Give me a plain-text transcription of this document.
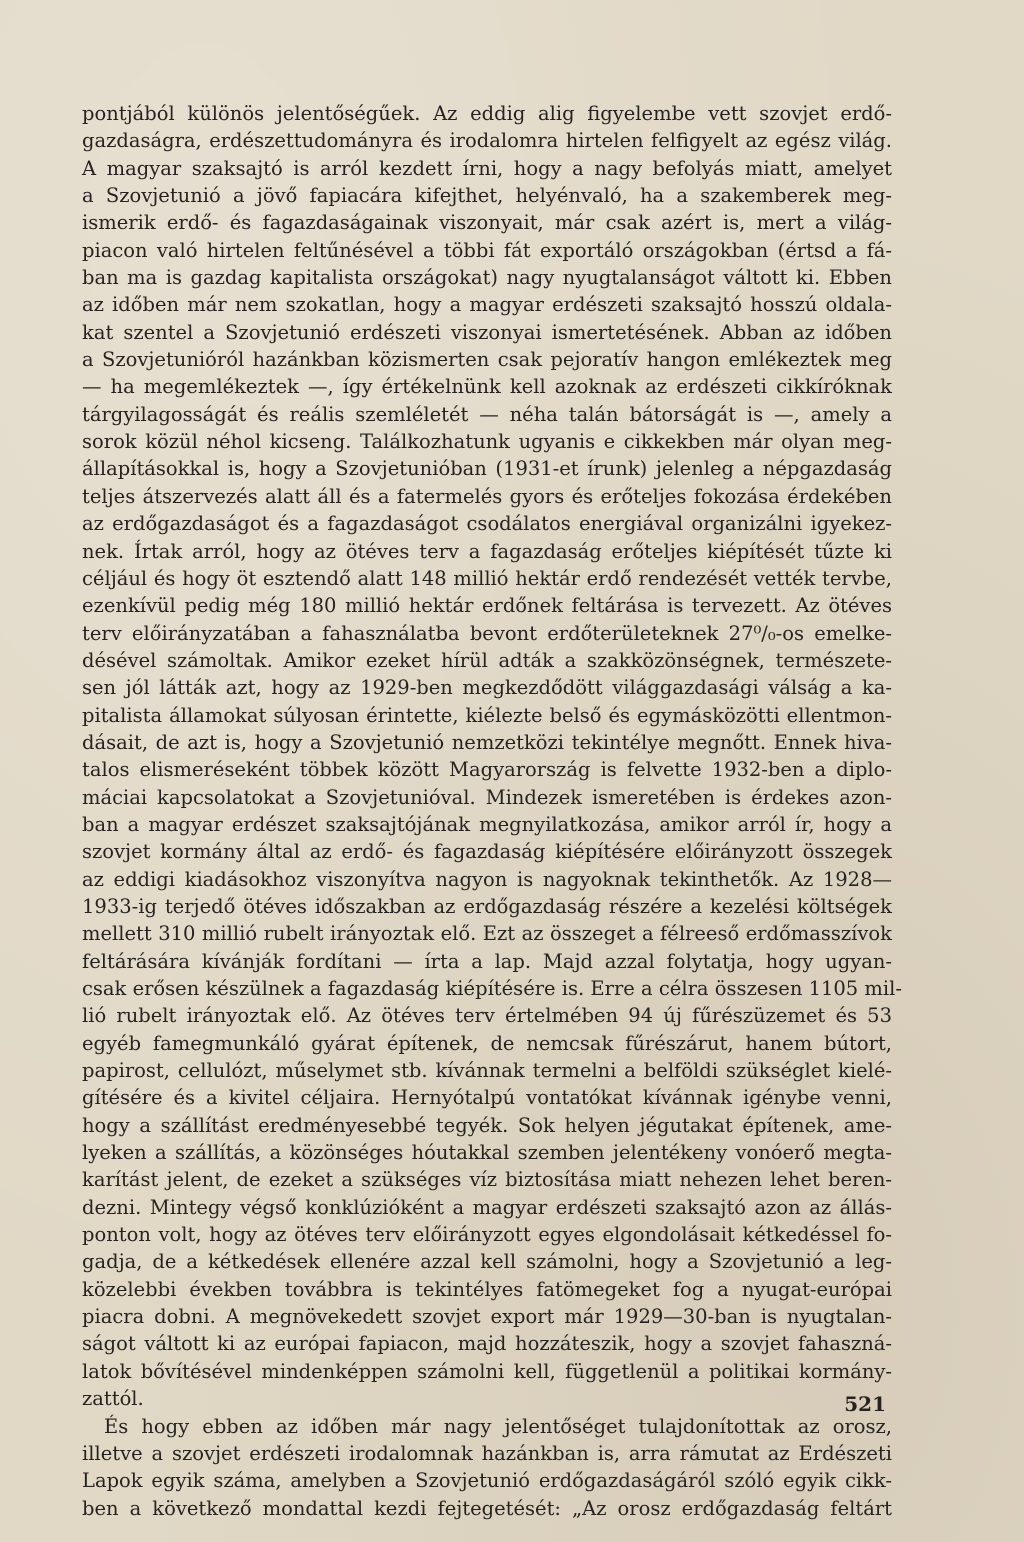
pontjából különös jelentőségűek. Az eddig alig figyelembe vett szovjet erdő-
gazdaságra, erdészettudományra és irodalomra hirtelen felfigyelt az egész világ.
A magyar szaksajtó is arról kezdett írni, hogy a nagy befolyás miatt, amelyet
a Szovjetunió a jövő fapiacára kifejthet, helyénvaló, ha a szakemberek meg-
ismerik erdő- és fagazdaságainak viszonyait, már csak azért is, mert a világ-
piacon való hirtelen feltűnésével a többi fát exportáló országokban (értsd a fá-
ban ma is gazdag kapitalista országokat) nagy nyugtalanságot váltott ki. Ebben
az időben már nem szokatlan, hogy a magyar erdészeti szaksajtó hosszú oldala-
kat szentel a Szovjetunió erdészeti viszonyai ismertetésének. Abban az időben
a Szovjetunióról hazánkban közismerten csak pejoratív hangon emlékeztek meg
— ha megemlékeztek —, így értékelnünk kell azoknak az erdészeti cikkíróknak
tárgyilagosságát és reális szemléletét — néha talán bátorságát is —, amely a
sorok közül néhol kicseng. Találkozhatunk ugyanis e cikkekben már olyan meg-
állapításokkal is, hogy a Szovjetunióban (1931-et írunk) jelenleg a népgazdaság
teljes átszervezés alatt áll és a fatermelés gyors és erőteljes fokozása érdekében
az erdőgazdaságot és a fagazdaságot csodálatos energiával organizálni igyekez-
nek. Írtak arról, hogy az ötéves terv a fagazdaság erőteljes kiépítését tűzte ki
céljául és hogy öt esztendő alatt 148 millió hektár erdő rendezését vették tervbe,
ezenkívül pedig még 180 millió hektár erdőnek feltárása is tervezett. Az ötéves
terv előirányzatában a fahasználatba bevont erdőterületeknek 27⁰/₀-os emelke-
désével számoltak. Amikor ezeket hírül adták a szakközönségnek, természete-
sen jól látták azt, hogy az 1929-ben megkezdődött világgazdasági válság a ka-
pitalista államokat súlyosan érintette, kiélezte belső és egymásközötti ellentmon-
dásait, de azt is, hogy a Szovjetunió nemzetközi tekintélye megnőtt. Ennek hiva-
talos elismeréseként többek között Magyarország is felvette 1932-ben a diplo-
máciai kapcsolatokat a Szovjetunióval. Mindezek ismeretében is érdekes azon-
ban a magyar erdészet szaksajtójának megnyilatkozása, amikor arról ír, hogy a
szovjet kormány által az erdő- és fagazdaság kiépítésére előirányzott összegek
az eddigi kiadásokhoz viszonyítva nagyon is nagyoknak tekinthetők. Az 1928—
1933-ig terjedő ötéves időszakban az erdőgazdaság részére a kezelési költségek
mellett 310 millió rubelt irányoztak elő. Ezt az összeget a félreeső erdőmasszívok
feltárására kívánják fordítani — írta a lap. Majd azzal folytatja, hogy ugyan-
csak erősen készülnek a fagazdaság kiépítésére is. Erre a célra összesen 1105 mil-
lió rubelt irányoztak elő. Az ötéves terv értelmében 94 új fűrészüzemet és 53
egyéb famegmunkáló gyárat építenek, de nemcsak fűrészárut, hanem bútort,
papirost, cellulózt, műselymet stb. kívánnak termelni a belföldi szükséglet kielé-
gítésére és a kivitel céljaira. Hernyótalpú vontatókat kívánnak igénybe venni,
hogy a szállítást eredményesebbé tegyék. Sok helyen jégutakat építenek, ame-
lyeken a szállítás, a közönséges hóutakkal szemben jelentékeny vonóerő megta-
karítást jelent, de ezeket a szükséges víz biztosítása miatt nehezen lehet beren-
dezni. Mintegy végső konklúzióként a magyar erdészeti szaksajtó azon az állás-
ponton volt, hogy az ötéves terv előirányzott egyes elgondolásait kétkedéssel fo-
gadja, de a kétkedések ellenére azzal kell számolni, hogy a Szovjetunió a leg-
közelebbi években továbbra is tekintélyes fatömegeket fog a nyugat-európai
piacra dobni. A megnövekedett szovjet export már 1929—30-ban is nyugtalan-
ságot váltott ki az európai fapiacon, majd hozzáteszik, hogy a szovjet fahaszná-
latok bővítésével mindenképpen számolni kell, függetlenül a politikai kormány-
zattól.
És hogy ebben az időben már nagy jelentőséget tulajdonítottak az orosz,
illetve a szovjet erdészeti irodalomnak hazánkban is, arra rámutat az Erdészeti
Lapok egyik száma, amelyben a Szovjetunió erdőgazdaságáról szóló egyik cikk-
ben a következő mondattal kezdi fejtegetését: „Az orosz erdőgazdaság feltárt
521
